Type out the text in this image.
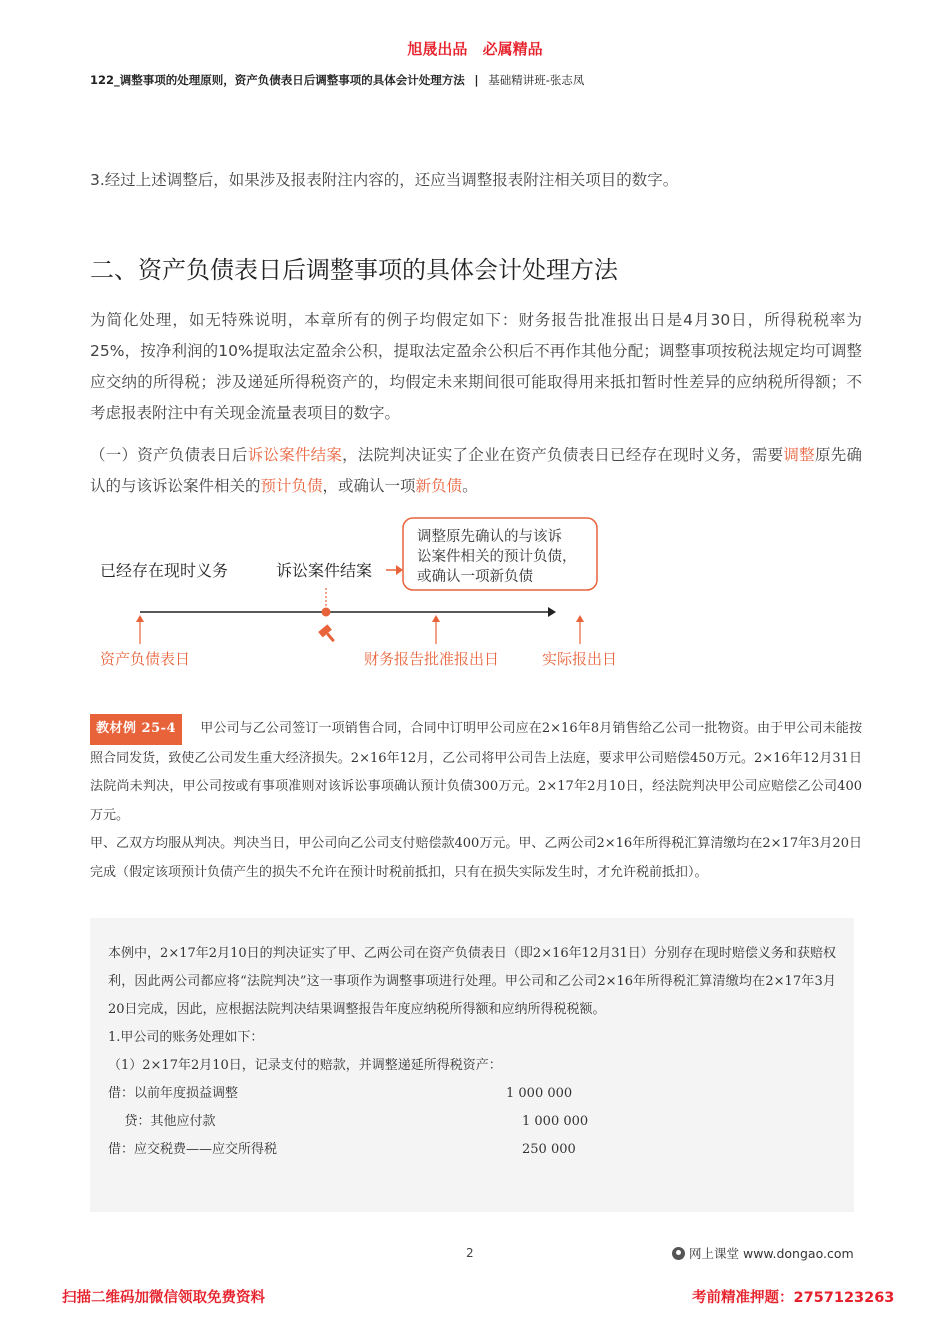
旭晟出品 必属精品
122_调整事项的处理原则，资产负债表日后调整事项的具体会计处理方法 | 基础精讲班-张志凤
3.经过上述调整后，如果涉及报表附注内容的，还应当调整报表附注相关项目的数字。
二、资产负债表日后调整事项的具体会计处理方法
为简化处理，如无特殊说明，本章所有的例子均假定如下：财务报告批准报出日是4月30日，所得税税率为25%，按净利润的10%提取法定盈余公积，提取法定盈余公积后不再作其他分配；调整事项按税法规定均可调整应交纳的所得税；涉及递延所得税资产的，均假定未来期间很可能取得用来抵扣暂时性差异的应纳税所得额；不考虑报表附注中有关现金流量表项目的数字。
（一）资产负债表日后诉讼案件结案，法院判决证实了企业在资产负债表日已经存在现时义务，需要调整原先确认的与该诉讼案件相关的预计负债，或确认一项新负债。
调整原先确认的与该诉
讼案件相关的预计负债，
或确认一项新负债
已经存在现时义务	诉讼案件结案
资产负债表日	财务报告批准报出日	实际报出日

教材例 25-4 甲公司与乙公司签订一项销售合同，合同中订明甲公司应在2×16年8月销售给乙公司一批物资。由于甲公司未能按照合同发货，致使乙公司发生重大经济损失。2×16年12月，乙公司将甲公司告上法庭，要求甲公司赔偿450万元。2×16年12月31日法院尚未判决，甲公司按或有事项准则对该诉讼事项确认预计负债300万元。2×17年2月10日，经法院判决甲公司应赔偿乙公司400万元。

甲、乙双方均服从判决。判决当日，甲公司向乙公司支付赔偿款400万元。甲、乙两公司2×16年所得税汇算清缴均在2×17年3月20日完成（假定该项预计负债产生的损失不允许在预计时税前抵扣，只有在损失实际发生时，才允许税前抵扣）。

本例中，2×17年2月10日的判决证实了甲、乙两公司在资产负债表日（即2×16年12月31日）分别存在现时赔偿义务和获赔权利，因此两公司都应将“法院判决”这一事项作为调整事项进行处理。甲公司和乙公司2×16年所得税汇算清缴均在2×17年3月20日完成，因此，应根据法院判决结果调整报告年度应纳税所得额和应纳所得税税额。

1.甲公司的账务处理如下：

（1）2×17年2月10日，记录支付的赔款，并调整递延所得税资产：

借：以前年度损益调整	1 000 000
贷：其他应付款	1 000 000
借：应交税费——应交所得税	250 000
2	网上课堂 www.dongao.com
扫描二维码加微信领取免费资料	考前精准押题：2757123263
